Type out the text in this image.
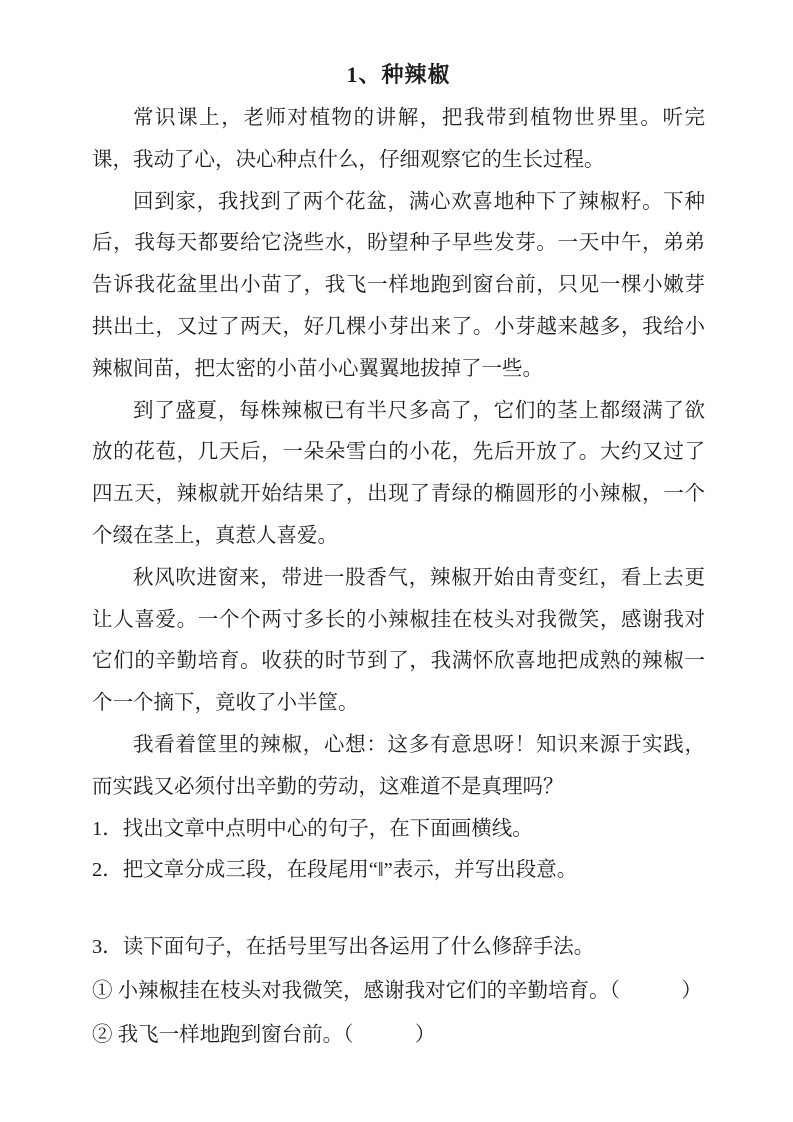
1、种辣椒

常识课上，老师对植物的讲解，把我带到植物世界里。听完课，我动了心，决心种点什么，仔细观察它的生长过程。

回到家，我找到了两个花盆，满心欢喜地种下了辣椒籽。下种后，我每天都要给它浇些水，盼望种子早些发芽。一天中午，弟弟告诉我花盆里出小苗了，我飞一样地跑到窗台前，只见一棵小嫩芽拱出土，又过了两天，好几棵小芽出来了。小芽越来越多，我给小辣椒间苗，把太密的小苗小心翼翼地拔掉了一些。

到了盛夏，每株辣椒已有半尺多高了，它们的茎上都缀满了欲放的花苞，几天后，一朵朵雪白的小花，先后开放了。大约又过了四五天，辣椒就开始结果了，出现了青绿的椭圆形的小辣椒，一个个缀在茎上，真惹人喜爱。

秋风吹进窗来，带进一股香气，辣椒开始由青变红，看上去更让人喜爱。一个个两寸多长的小辣椒挂在枝头对我微笑，感谢我对它们的辛勤培育。收获的时节到了，我满怀欣喜地把成熟的辣椒一个一个摘下，竟收了小半筐。

我看着筐里的辣椒，心想：这多有意思呀！知识来源于实践，而实践又必须付出辛勤的劳动，这难道不是真理吗？

1．找出文章中点明中心的句子，在下面画横线。

2．把文章分成三段，在段尾用“‖”表示，并写出段意。

3．读下面句子，在括号里写出各运用了什么修辞手法。

① 小辣椒挂在枝头对我微笑，感谢我对它们的辛勤培育。（　　　）

② 我飞一样地跑到窗台前。（　　　）
